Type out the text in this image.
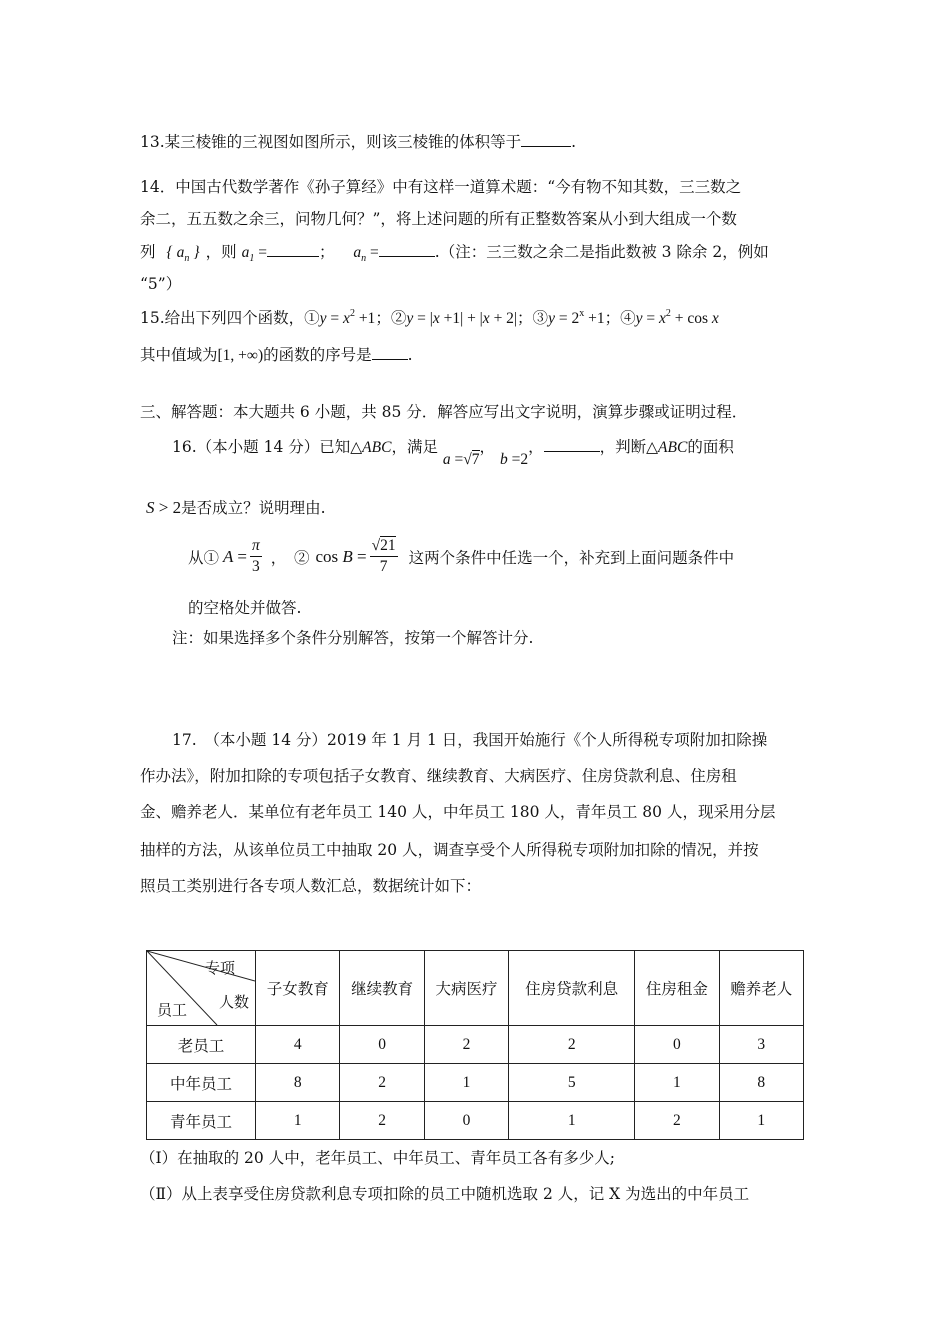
13.某三棱锥的三视图如图所示，则该三棱锥的体积等于	.
14．中国古代数学著作《孙子算经》中有这样一道算术题：“今有物不知其数，三三数之
余二，五五数之余三，问物几何？”，将上述问题的所有正整数答案从小到大组成一个数
列 { $a_n$ } ，则 $a_1$ =	； $a_n$ =	.（注：三三数之余二是指此数被 3 除余 2，例如
“5”）
15.给出下列四个函数，①y = $x^2 +1$；②y = |x +1| + |x + 2|；③y = $2^x +1$；④y = $x^2 + \cos x$
其中值域为[1, +∞)的函数的序号是 .
三、解答题：本大题共 6 小题，共 85 分．解答应写出文字说明，演算步骤或证明过程．
16.（本小题 14 分）已知△ABC，满足 a =√7， b =2，	，判断△ABC的面积
S > 2是否成立？说明理由.
从① $A = \frac{\pi}{3}$ ，　② $\cos B = \frac{√21}{7}$ 这两个条件中任选一个，补充到上面问题条件中
的空格处并做答.
注：如果选择多个条件分别解答，按第一个解答计分.
17.　（本小题 14 分）2019 年 1 月 1 日，我国开始施行《个人所得税专项附加扣除操
作办法》，附加扣除的专项包括子女教育、继续教育、大病医疗、住房贷款利息、住房租
金、赡养老人．某单位有老年员工 140 人，中年员工 180 人，青年员工 80 人，现采用分层
抽样的方法，从该单位员工中抽取 20 人，调查享受个人所得税专项附加扣除的情况，并按
照员工类别进行各专项人数汇总，数据统计如下：
专项
人数
员工	子女教育	继续教育	大病医疗	住房贷款利息	住房租金	赡养老人
老员工	4	0	2	2	0	3
中年员工	8	2	1	5	1	8
青年员工	1	2	0	1	2	1
（Ⅰ）在抽取的 20 人中，老年员工、中年员工、青年员工各有多少人;
（Ⅱ）从上表享受住房贷款利息专项扣除的员工中随机选取 2 人，记 X 为选出的中年员工
